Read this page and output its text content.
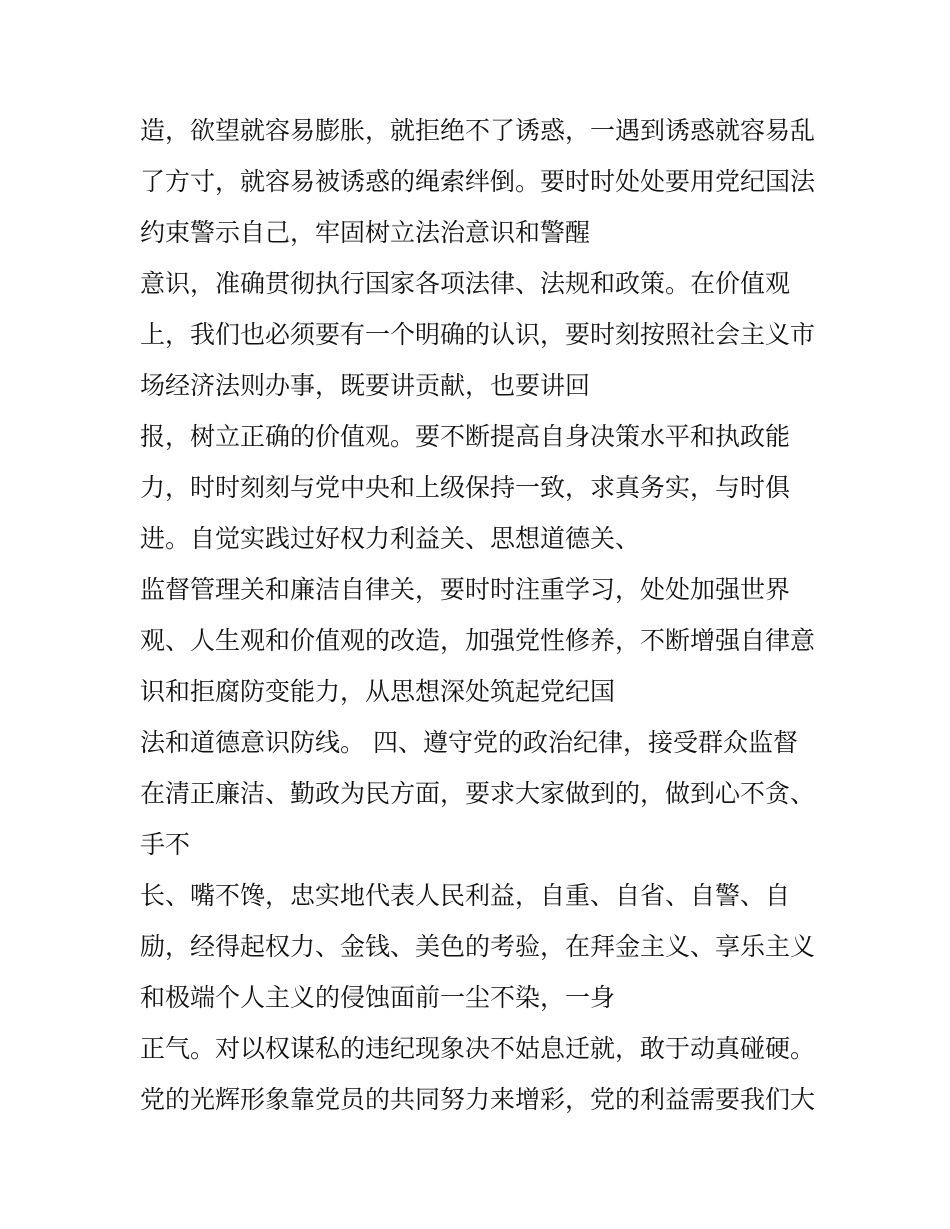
造，欲望就容易膨胀，就拒绝不了诱惑，一遇到诱惑就容易乱

了方寸，就容易被诱惑的绳索绊倒。要时时处处要用党纪国法

约束警示自己，牢固树立法治意识和警醒

意识，准确贯彻执行国家各项法律、法规和政策。在价值观

上，我们也必须要有一个明确的认识，要时刻按照社会主义市

场经济法则办事，既要讲贡献，也要讲回

报，树立正确的价值观。要不断提高自身决策水平和执政能

力，时时刻刻与党中央和上级保持一致，求真务实，与时俱

进。自觉实践过好权力利益关、思想道德关、

监督管理关和廉洁自律关，要时时注重学习，处处加强世界

观、人生观和价值观的改造，加强党性修养，不断增强自律意

识和拒腐防变能力，从思想深处筑起党纪国

法和道德意识防线。 四、遵守党的政治纪律，接受群众监督

在清正廉洁、勤政为民方面，要求大家做到的，做到心不贪、

手不

长、嘴不馋，忠实地代表人民利益，自重、自省、自警、自

励，经得起权力、金钱、美色的考验，在拜金主义、享乐主义

和极端个人主义的侵蚀面前一尘不染，一身

正气。对以权谋私的违纪现象决不姑息迁就，敢于动真碰硬。

党的光辉形象靠党员的共同努力来增彩，党的利益需要我们大
